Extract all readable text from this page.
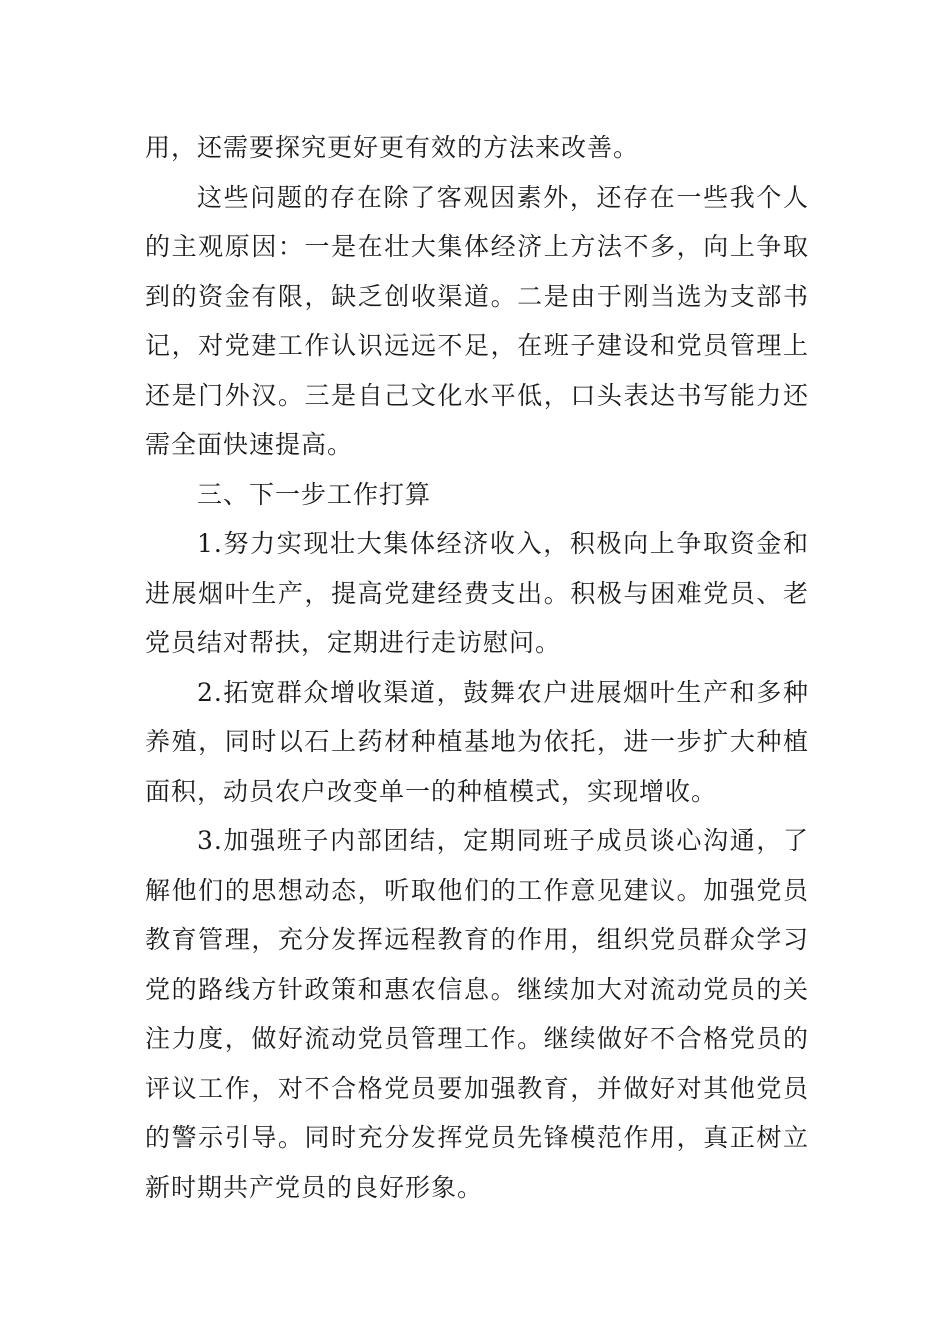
用，还需要探究更好更有效的方法来改善。

这些问题的存在除了客观因素外，还存在一些我个人的主观原因：一是在壮大集体经济上方法不多，向上争取到的资金有限，缺乏创收渠道。二是由于刚当选为支部书记，对党建工作认识远远不足，在班子建设和党员管理上还是门外汉。三是自己文化水平低，口头表达书写能力还需全面快速提高。

三、下一步工作打算

1.努力实现壮大集体经济收入，积极向上争取资金和进展烟叶生产，提高党建经费支出。积极与困难党员、老党员结对帮扶，定期进行走访慰问。

2.拓宽群众增收渠道，鼓舞农户进展烟叶生产和多种养殖，同时以石上药材种植基地为依托，进一步扩大种植面积，动员农户改变单一的种植模式，实现增收。

3.加强班子内部团结，定期同班子成员谈心沟通，了解他们的思想动态，听取他们的工作意见建议。加强党员教育管理，充分发挥远程教育的作用，组织党员群众学习党的路线方针政策和惠农信息。继续加大对流动党员的关注力度，做好流动党员管理工作。继续做好不合格党员的评议工作，对不合格党员要加强教育，并做好对其他党员的警示引导。同时充分发挥党员先锋模范作用，真正树立新时期共产党员的良好形象。
